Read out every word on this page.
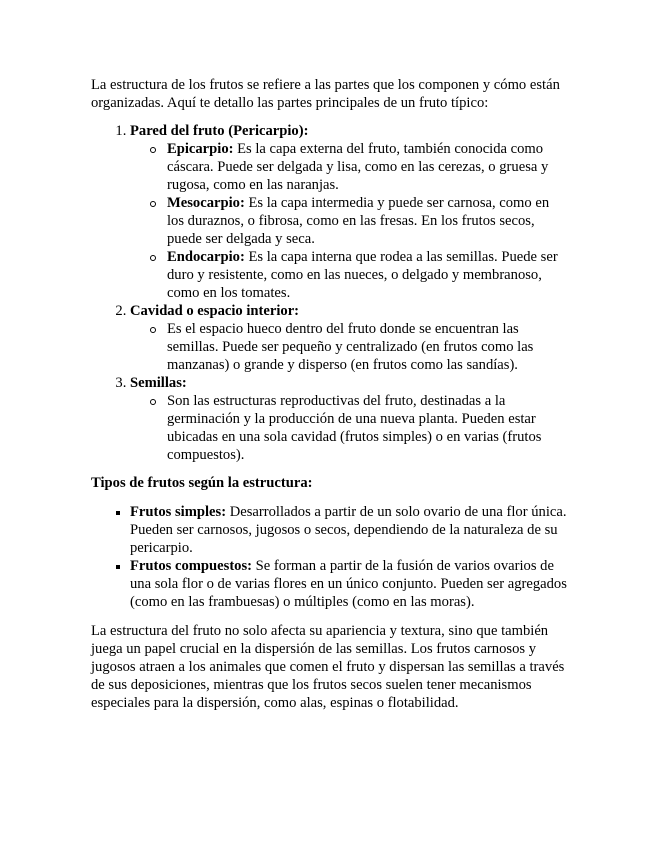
La estructura de los frutos se refiere a las partes que los componen y cómo están organizadas. Aquí te detallo las partes principales de un fruto típico:

1. Pared del fruto (Pericarpio):
Epicarpio: Es la capa externa del fruto, también conocida como cáscara. Puede ser delgada y lisa, como en las cerezas, o gruesa y rugosa, como en las naranjas.
Mesocarpio: Es la capa intermedia y puede ser carnosa, como en los duraznos, o fibrosa, como en las fresas. En los frutos secos, puede ser delgada y seca.
Endocarpio: Es la capa interna que rodea a las semillas. Puede ser duro y resistente, como en las nueces, o delgado y membranoso, como en los tomates.
2. Cavidad o espacio interior:
Es el espacio hueco dentro del fruto donde se encuentran las semillas. Puede ser pequeño y centralizado (en frutos como las manzanas) o grande y disperso (en frutos como las sandías).
3. Semillas:
Son las estructuras reproductivas del fruto, destinadas a la germinación y la producción de una nueva planta. Pueden estar ubicadas en una sola cavidad (frutos simples) o en varias (frutos compuestos).

Tipos de frutos según la estructura:

Frutos simples: Desarrollados a partir de un solo ovario de una flor única. Pueden ser carnosos, jugosos o secos, dependiendo de la naturaleza de su pericarpio.
Frutos compuestos: Se forman a partir de la fusión de varios ovarios de una sola flor o de varias flores en un único conjunto. Pueden ser agregados (como en las frambuesas) o múltiples (como en las moras).

La estructura del fruto no solo afecta su apariencia y textura, sino que también juega un papel crucial en la dispersión de las semillas. Los frutos carnosos y jugosos atraen a los animales que comen el fruto y dispersan las semillas a través de sus deposiciones, mientras que los frutos secos suelen tener mecanismos especiales para la dispersión, como alas, espinas o flotabilidad.
